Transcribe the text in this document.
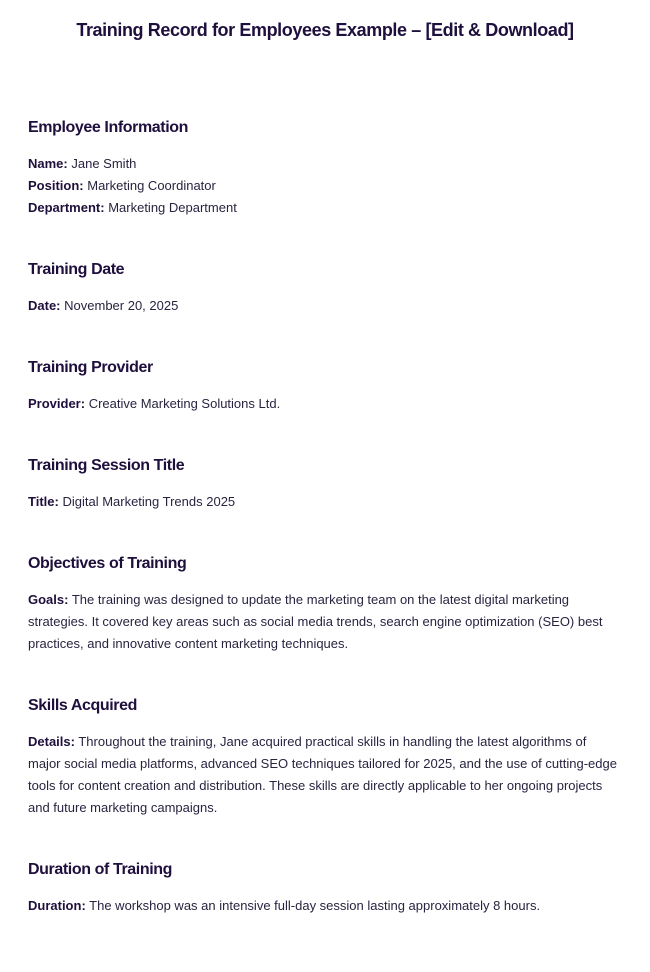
Training Record for Employees Example – [Edit & Download]
Employee Information

Name: Jane Smith

Position: Marketing Coordinator

Department: Marketing Department

Training Date

Date: November 20, 2025

Training Provider

Provider: Creative Marketing Solutions Ltd.

Training Session Title

Title: Digital Marketing Trends 2025

Objectives of Training

Goals: The training was designed to update the marketing team on the latest digital marketing strategies. It covered key areas such as social media trends, search engine optimization (SEO) best practices, and innovative content marketing techniques.

Skills Acquired

Details: Throughout the training, Jane acquired practical skills in handling the latest algorithms of major social media platforms, advanced SEO techniques tailored for 2025, and the use of cutting-edge tools for content creation and distribution. These skills are directly applicable to her ongoing projects and future marketing campaigns.

Duration of Training

Duration: The workshop was an intensive full-day session lasting approximately 8 hours.
